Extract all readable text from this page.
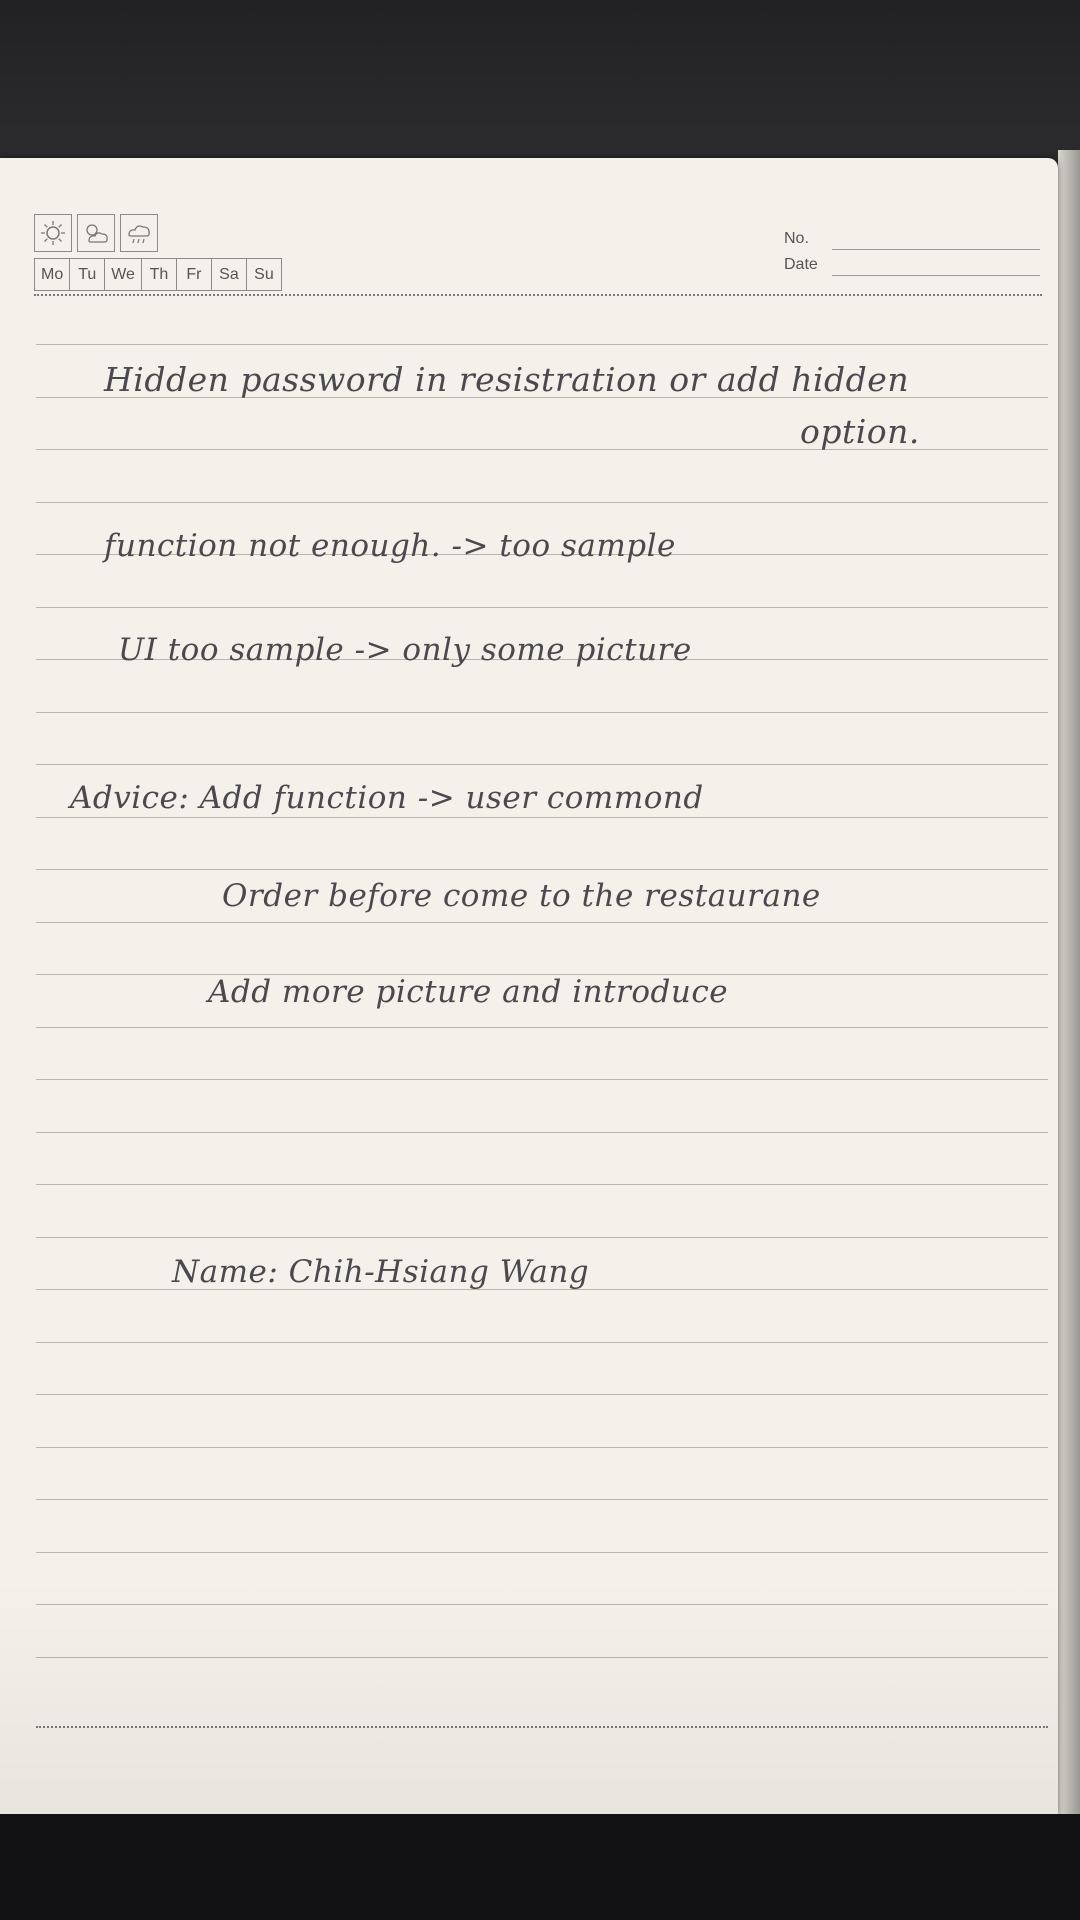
Mo Tu We Th	Fr	Sa Su
No.
Date
Hidden password in resistration or add hidden
option.
function not enough. -> too sample
UI too sample -> only some picture
Advice: Add function -> user commond
Order before come to the restaurane
Add more picture and introduce
Name: Chih-Hsiang Wang
